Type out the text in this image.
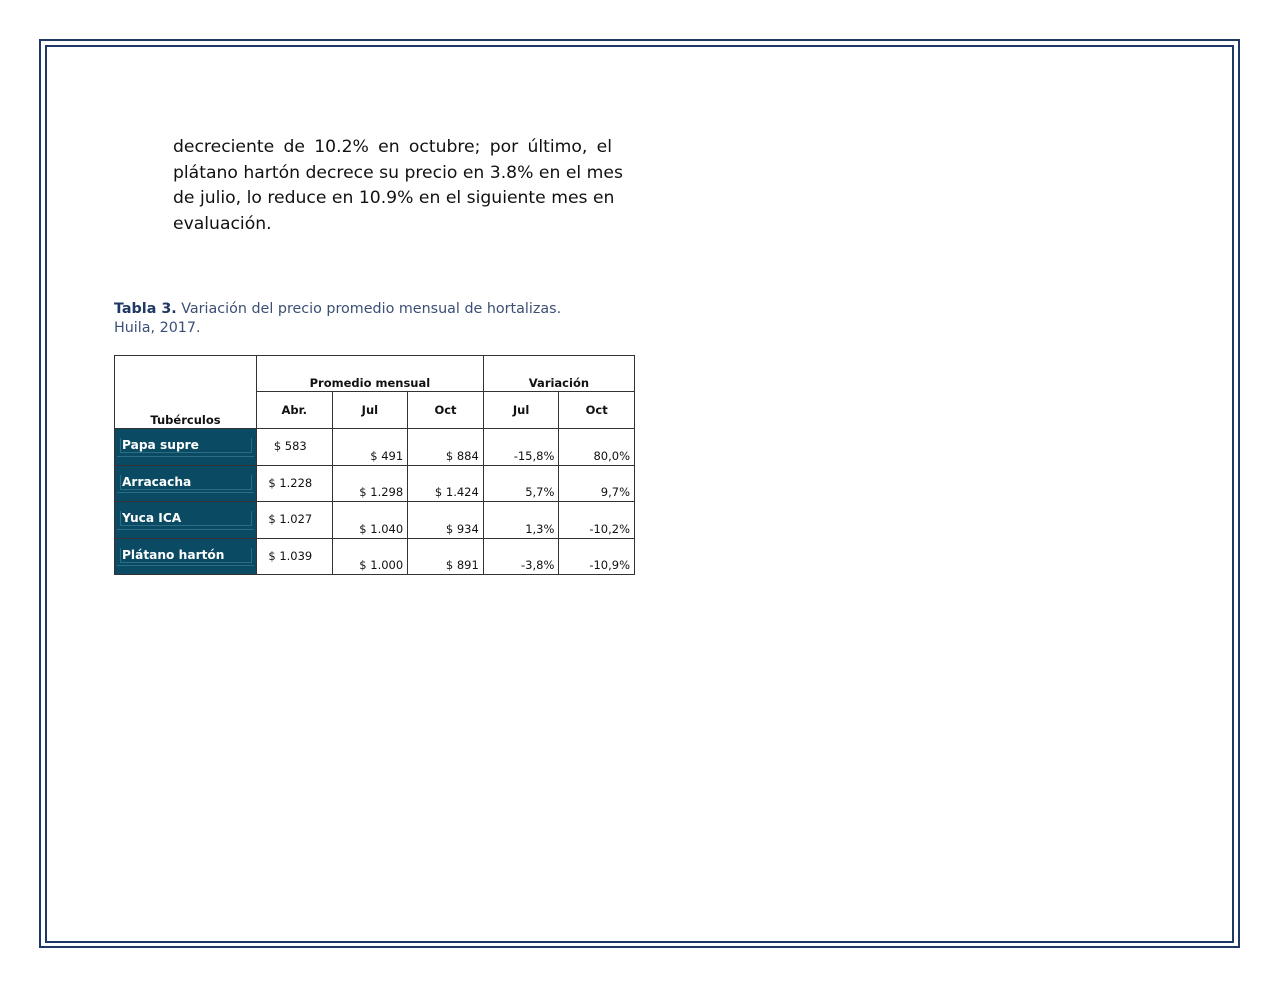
decreciente de 10.2% en octubre; por último, el
plátano hartón decrece su precio en 3.8% en el mes
de julio, lo reduce en 10.9% en el siguiente mes en
evaluación.

Tabla 3. Variación del precio promedio mensual de hortalizas.
Huila, 2017.

Tubérculos	Promedio mensual			Variación	
	Abr.	Jul	Oct	Jul	Oct

Papa supre	$ 583	$ 491	$ 884	-15,8%	80,0%

Arracacha	$ 1.228	$ 1.298	$ 1.424	5,7%	9,7%

Yuca ICA	$ 1.027	$ 1.040	$ 934	1,3%	-10,2%

Plátano hartón	$ 1.039	$ 1.000	$ 891	-3,8%	-10,9%
